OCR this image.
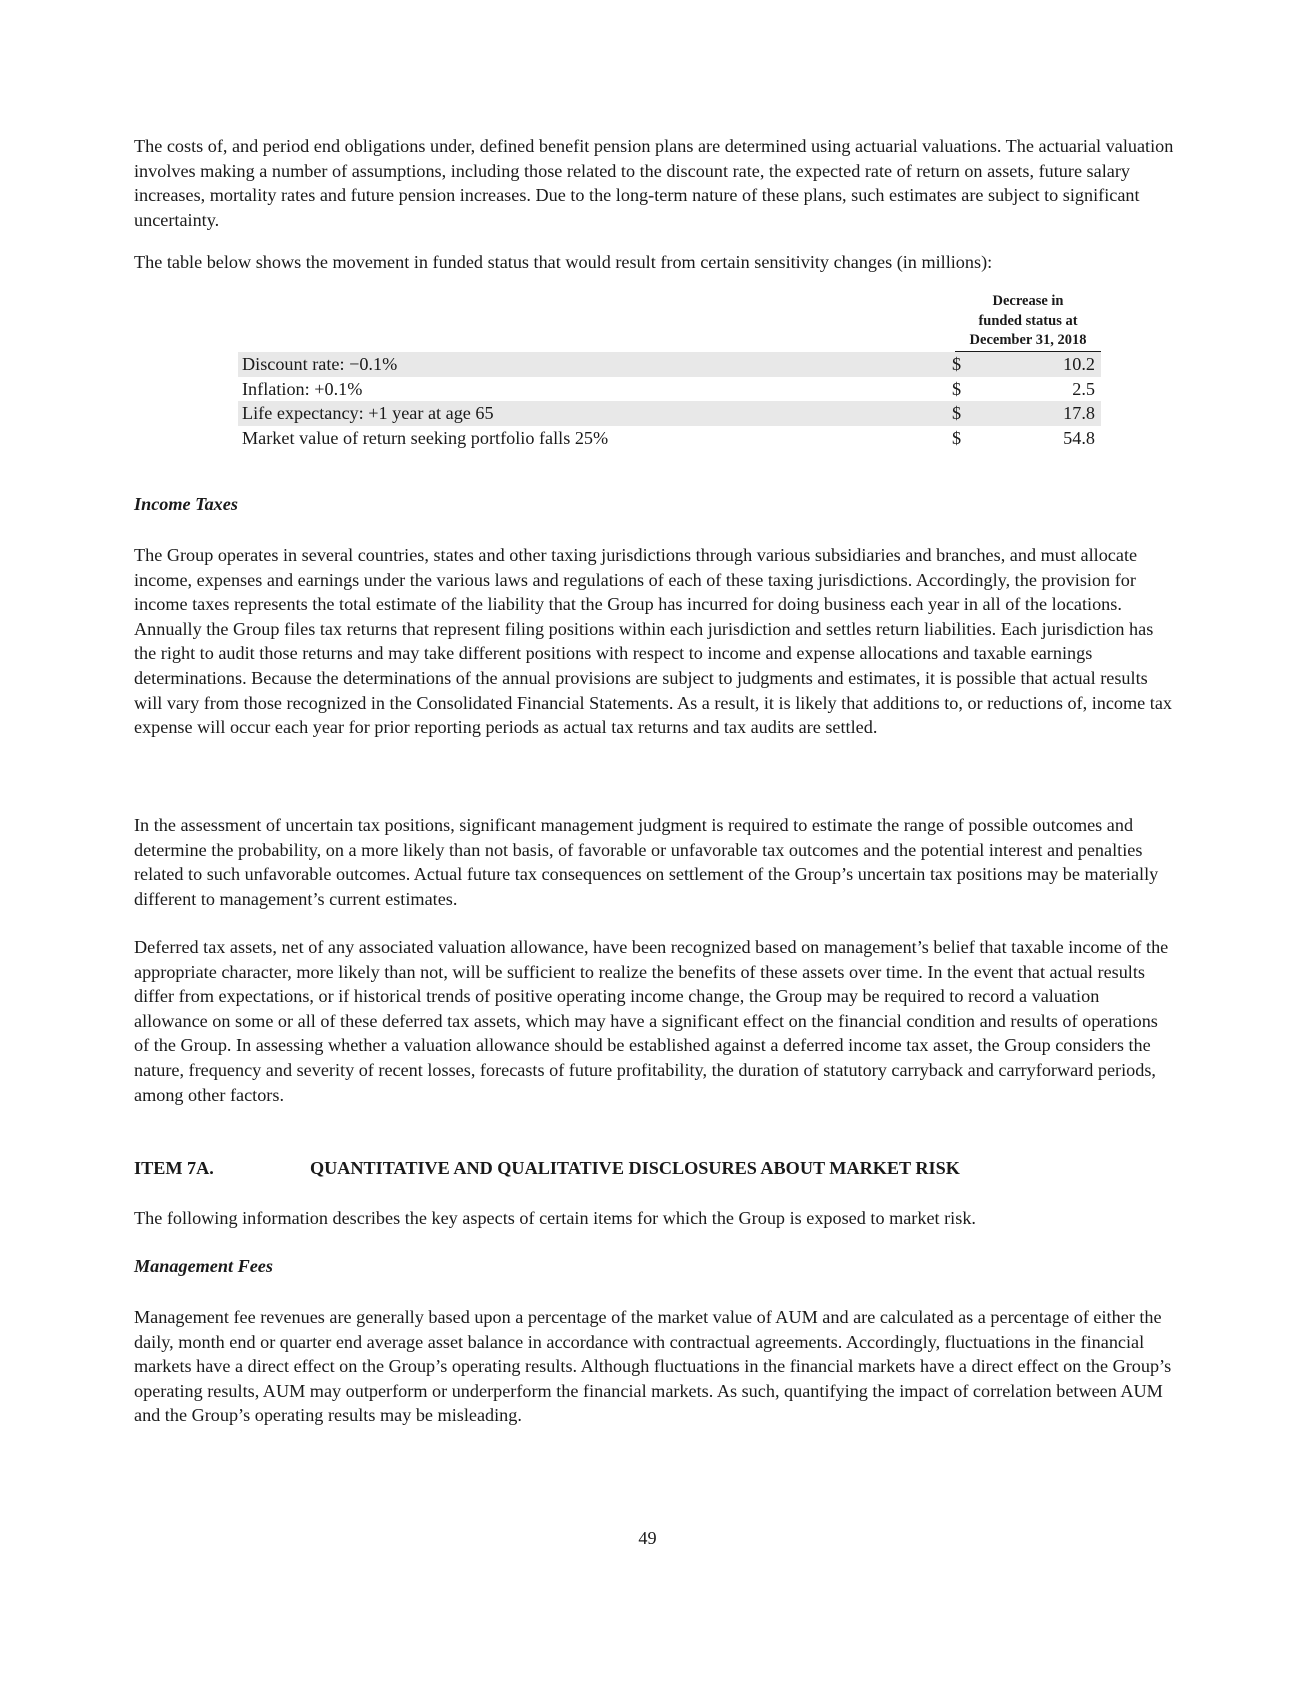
The costs of, and period end obligations under, defined benefit pension plans are determined using actuarial valuations. The actuarial valuation involves making a number of assumptions, including those related to the discount rate, the expected rate of return on assets, future salary increases, mortality rates and future pension increases. Due to the long-term nature of these plans, such estimates are subject to significant uncertainty.

The table below shows the movement in funded status that would result from certain sensitivity changes (in millions):

Decrease in
funded status at
December 31, 2018
Discount rate: −0.1%	$	10.2
Inflation: +0.1%	$	2.5
Life expectancy: +1 year at age 65	$	17.8
Market value of return seeking portfolio falls 25%	$	54.8
Income Taxes

The Group operates in several countries, states and other taxing jurisdictions through various subsidiaries and branches, and must allocate income, expenses and earnings under the various laws and regulations of each of these taxing jurisdictions. Accordingly, the provision for income taxes represents the total estimate of the liability that the Group has incurred for doing business each year in all of the locations. Annually the Group files tax returns that represent filing positions within each jurisdiction and settles return liabilities. Each jurisdiction has the right to audit those returns and may take different positions with respect to income and expense allocations and taxable earnings determinations. Because the determinations of the annual provisions are subject to judgments and estimates, it is possible that actual results will vary from those recognized in the Consolidated Financial Statements. As a result, it is likely that additions to, or reductions of, income tax expense will occur each year for prior reporting periods as actual tax returns and tax audits are settled.

In the assessment of uncertain tax positions, significant management judgment is required to estimate the range of possible outcomes and determine the probability, on a more likely than not basis, of favorable or unfavorable tax outcomes and the potential interest and penalties related to such unfavorable outcomes. Actual future tax consequences on settlement of the Group’s uncertain tax positions may be materially different to management’s current estimates.

Deferred tax assets, net of any associated valuation allowance, have been recognized based on management’s belief that taxable income of the appropriate character, more likely than not, will be sufficient to realize the benefits of these assets over time. In the event that actual results differ from expectations, or if historical trends of positive operating income change, the Group may be required to record a valuation allowance on some or all of these deferred tax assets, which may have a significant effect on the financial condition and results of operations of the Group. In assessing whether a valuation allowance should be established against a deferred income tax asset, the Group considers the nature, frequency and severity of recent losses, forecasts of future profitability, the duration of statutory carryback and carryforward periods, among other factors.

ITEM 7A.	QUANTITATIVE AND QUALITATIVE DISCLOSURES ABOUT MARKET RISK

The following information describes the key aspects of certain items for which the Group is exposed to market risk.

Management Fees

Management fee revenues are generally based upon a percentage of the market value of AUM and are calculated as a percentage of either the daily, month end or quarter end average asset balance in accordance with contractual agreements. Accordingly, fluctuations in the financial markets have a direct effect on the Group’s operating results. Although fluctuations in the financial markets have a direct effect on the Group’s operating results, AUM may outperform or underperform the financial markets. As such, quantifying the impact of correlation between AUM and the Group’s operating results may be misleading.

49
